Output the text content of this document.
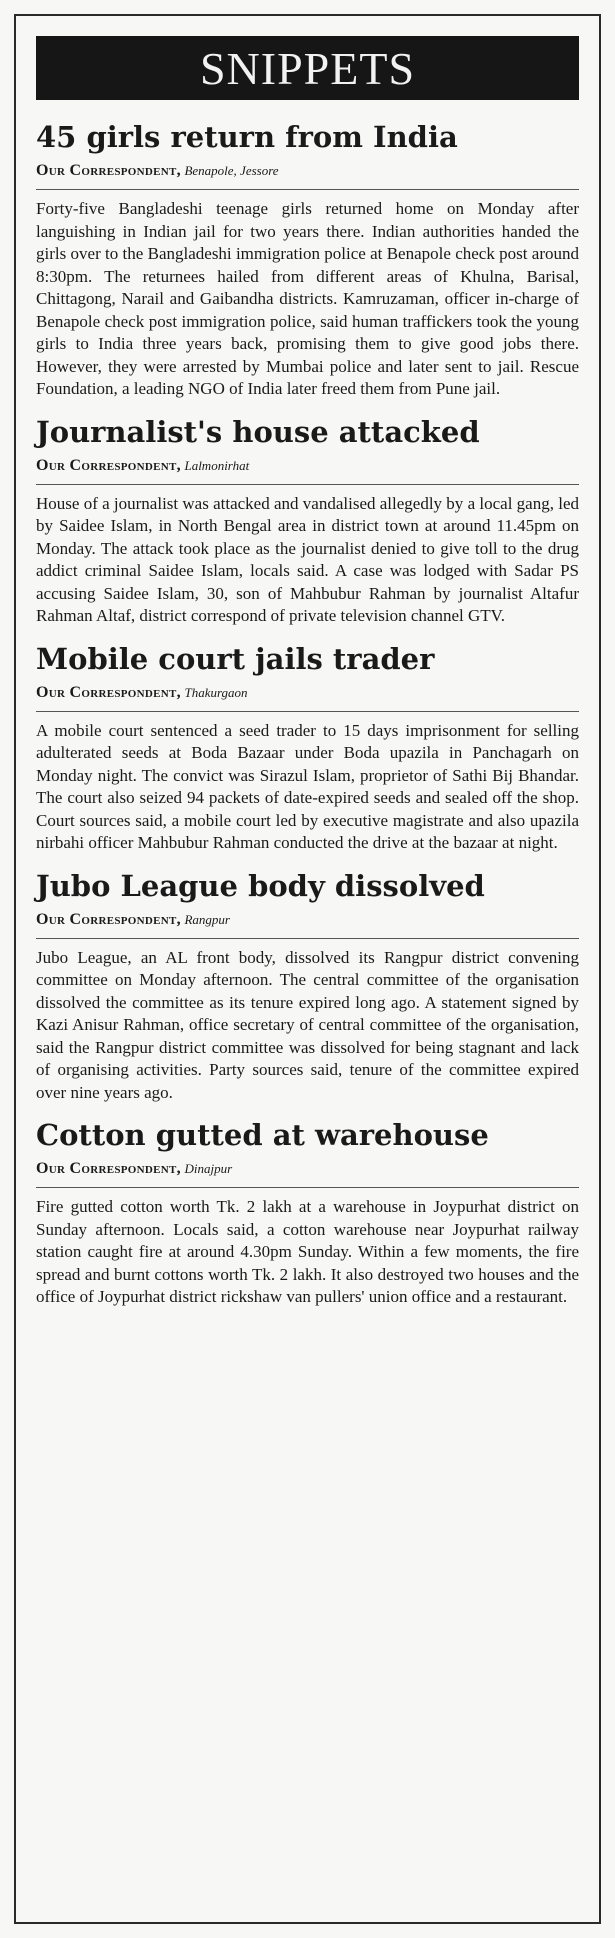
SNIPPETS
45 girls return from India
Our Correspondent, Benapole, Jessore

Forty-five Bangladeshi teenage girls returned home on Monday after languishing in Indian jail for two years there. Indian authorities handed the girls over to the Bangladeshi immigration police at Benapole check post around 8:30pm. The returnees hailed from different areas of Khulna, Barisal, Chittagong, Narail and Gaibandha districts. Kamruzaman, officer in-charge of Benapole check post immigration police, said human traffickers took the young girls to India three years back, promising them to give good jobs there. However, they were arrested by Mumbai police and later sent to jail. Rescue Foundation, a leading NGO of India later freed them from Pune jail.

Journalist's house attacked
Our Correspondent, Lalmonirhat

House of a journalist was attacked and vandalised allegedly by a local gang, led by Saidee Islam, in North Bengal area in district town at around 11.45pm on Monday. The attack took place as the journalist denied to give toll to the drug addict criminal Saidee Islam, locals said. A case was lodged with Sadar PS accusing Saidee Islam, 30, son of Mahbubur Rahman by journalist Altafur Rahman Altaf, district correspond of private television channel GTV.

Mobile court jails trader
Our Correspondent, Thakurgaon

A mobile court sentenced a seed trader to 15 days imprisonment for selling adulterated seeds at Boda Bazaar under Boda upazila in Panchagarh on Monday night. The convict was Sirazul Islam, proprietor of Sathi Bij Bhandar. The court also seized 94 packets of date-expired seeds and sealed off the shop. Court sources said, a mobile court led by executive magistrate and also upazila nirbahi officer Mahbubur Rahman conducted the drive at the bazaar at night.

Jubo League body dissolved
Our Correspondent, Rangpur

Jubo League, an AL front body, dissolved its Rangpur district convening committee on Monday afternoon. The central committee of the organisation dissolved the committee as its tenure expired long ago. A statement signed by Kazi Anisur Rahman, office secretary of central committee of the organisation, said the Rangpur district committee was dissolved for being stagnant and lack of organising activities. Party sources said, tenure of the committee expired over nine years ago.

Cotton gutted at warehouse
Our Correspondent, Dinajpur

Fire gutted cotton worth Tk. 2 lakh at a warehouse in Joypurhat district on Sunday afternoon. Locals said, a cotton warehouse near Joypurhat railway station caught fire at around 4.30pm Sunday. Within a few moments, the fire spread and burnt cottons worth Tk. 2 lakh. It also destroyed two houses and the office of Joypurhat district rickshaw van pullers' union office and a restaurant.
